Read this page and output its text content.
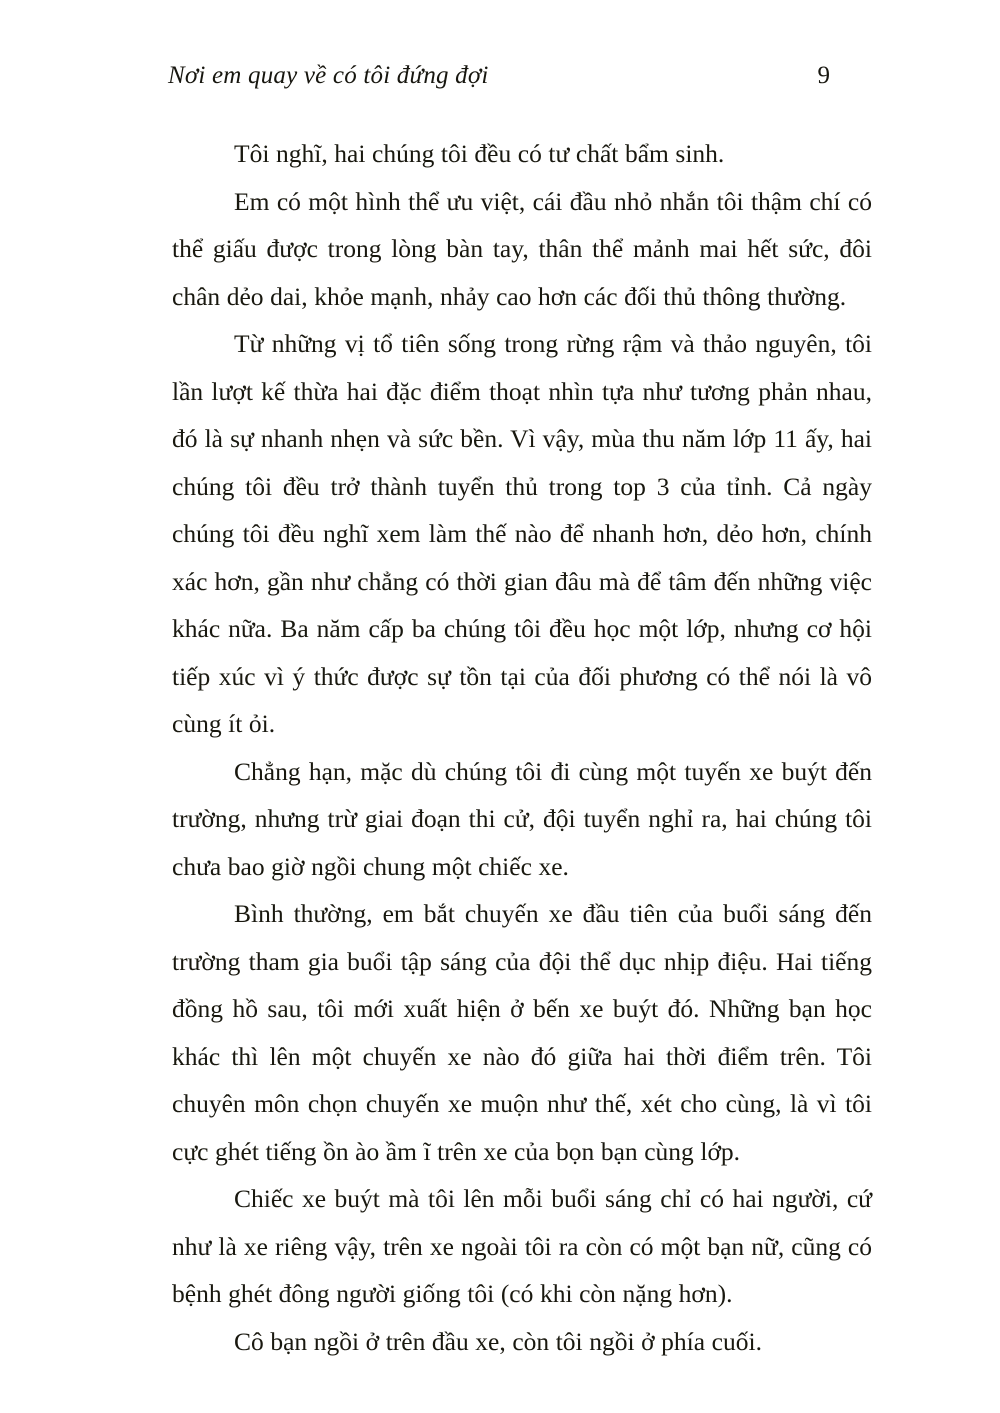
Nơi em quay về có tôi đứng đợi	9

Tôi nghĩ, hai chúng tôi đều có tư chất bẩm sinh.

Em có một hình thể ưu việt, cái đầu nhỏ nhắn tôi thậm chí có thể giấu được trong lòng bàn tay, thân thể mảnh mai hết sức, đôi chân dẻo dai, khỏe mạnh, nhảy cao hơn các đối thủ thông thường.

Từ những vị tổ tiên sống trong rừng rậm và thảo nguyên, tôi lần lượt kế thừa hai đặc điểm thoạt nhìn tựa như tương phản nhau, đó là sự nhanh nhẹn và sức bền. Vì vậy, mùa thu năm lớp 11 ấy, hai chúng tôi đều trở thành tuyển thủ trong top 3 của tỉnh. Cả ngày chúng tôi đều nghĩ xem làm thế nào để nhanh hơn, dẻo hơn, chính xác hơn, gần như chẳng có thời gian đâu mà để tâm đến những việc khác nữa. Ba năm cấp ba chúng tôi đều học một lớp, nhưng cơ hội tiếp xúc vì ý thức được sự tồn tại của đối phương có thể nói là vô cùng ít ỏi.

Chẳng hạn, mặc dù chúng tôi đi cùng một tuyến xe buýt đến trường, nhưng trừ giai đoạn thi cử, đội tuyển nghỉ ra, hai chúng tôi chưa bao giờ ngồi chung một chiếc xe.

Bình thường, em bắt chuyến xe đầu tiên của buổi sáng đến trường tham gia buổi tập sáng của đội thể dục nhịp điệu. Hai tiếng đồng hồ sau, tôi mới xuất hiện ở bến xe buýt đó. Những bạn học khác thì lên một chuyến xe nào đó giữa hai thời điểm trên. Tôi chuyên môn chọn chuyến xe muộn như thế, xét cho cùng, là vì tôi cực ghét tiếng ồn ào ầm ĩ trên xe của bọn bạn cùng lớp.

Chiếc xe buýt mà tôi lên mỗi buổi sáng chỉ có hai người, cứ như là xe riêng vậy, trên xe ngoài tôi ra còn có một bạn nữ, cũng có bệnh ghét đông người giống tôi (có khi còn nặng hơn).

Cô bạn ngồi ở trên đầu xe, còn tôi ngồi ở phía cuối.
